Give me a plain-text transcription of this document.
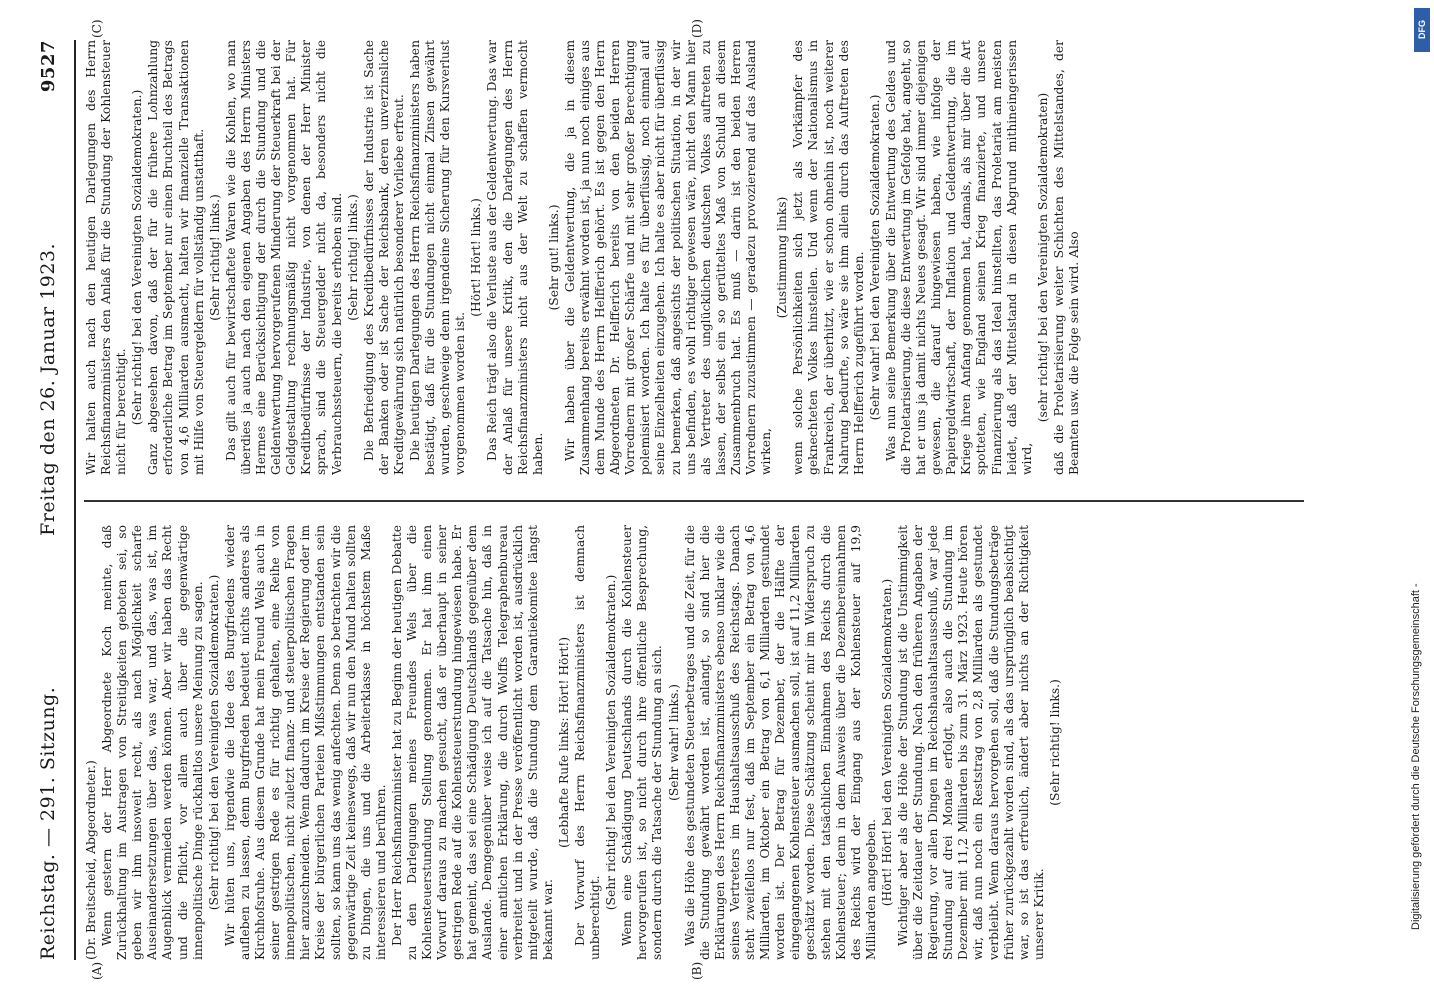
Reichstag. — 291. Sitzung.
Freitag den 26. Januar 1923.
9527

(Dr. Breitscheid, Abgeordneter.) Wenn gestern der Herr Abgeordnete Koch meinte, daß Zurückhaltung im Austragen von Streitigkeiten geboten sei, so geben wir ihm insoweit recht, als nach Möglichkeit scharfe Auseinandersetzungen über das, was war, und das, was ist, im Augenblick vermieden werden können. Aber wir haben das Recht und die Pflicht, vor allem auch über die gegenwärtige innenpolitische Dinge rückhaltlos unsere Meinung zu sagen. (Sehr richtig! bei den Vereinigten Sozialdemokraten.) Wir hüten uns, irgendwie die Idee des Burgfriedens wieder aufleben zu lassen, denn Burgfrieden bedeutet nichts anderes als Kirchhofsruhe. Aus diesem Grunde hat mein Freund Wels auch in seiner gestrigen Rede es für richtig gehalten, eine Reihe von innenpolitischen, nicht zuletzt finanz- und steuerpolitischen Fragen hier anzuschneiden. Wenn dadurch im Kreise der Regierung oder im Kreise der bürgerlichen Parteien Mißstimmungen entstanden sein sollten, so kann uns das wenig anfechten. Denn so betrachten wir die gegenwärtige Zeit keineswegs, daß wir nun den Mund halten sollten zu Dingen, die uns und die Arbeiterklasse in höchstem Maße interessieren und berühren. Der Herr Reichsfinanzminister hat zu Beginn der heutigen Debatte zu den Darlegungen meines Freundes Wels über die Kohlensteuerstundung Stellung genommen. Er hat ihm einen Vorwurf daraus zu machen gesucht, daß er überhaupt in seiner gestrigen Rede auf die Kohlensteuerstundung hingewiesen habe. Er hat gemeint, das sei eine Schädigung Deutschlands gegenüber dem Auslande. Demgegenüber weise ich auf die Tatsache hin, daß in einer amtlichen Erklärung, die durch Wolffs Telegraphenbureau verbreitet und in der Presse veröffentlicht worden ist, ausdrücklich mitgeteilt wurde, daß die Stundung dem Garantiekomitee längst bekannt war.

(Lebhafte Rufe links: Hört! Hört!) Der Vorwurf des Herrn Reichsfinanzministers ist demnach unberechtigt.

(Sehr richtig! bei den Vereinigten Sozialdemokraten.) Wenn eine Schädigung Deutschlands durch die Kohlensteuer hervorgerufen ist, so nicht durch ihre öffentliche Besprechung, sondern durch die Tatsache der Stundung an sich. (Sehr wahr! links.) Was die Höhe des gestundeten Steuerbetrages und die Zeit, für die die Stundung gewährt worden ist, anlangt, so sind hier die Erklärungen des Herrn Reichsfinanzministers ebenso unklar wie die seines Vertreters im Haushaltsausschuß des Reichstags. Danach steht zweifellos nur fest, daß im September ein Betrag von 4,6 Milliarden, im Oktober ein Betrag von 6,1 Milliarden gestundet worden ist. Der Betrag für Dezember, der die Hälfte der eingegangenen Kohlensteuer ausmachen soll, ist auf 11,2 Milliarden geschätzt worden. Diese Schätzung scheint mir im Widerspruch zu stehen mit den tatsächlichen Einnahmen des Reichs durch die Kohlensteuer; denn in dem Ausweis über die Dezembereinnahmen des Reichs wird der Eingang aus der Kohlensteuer auf 19,9 Milliarden angegeben. (Hört! Hört! bei den Vereinigten Sozialdemokraten.) Wichtiger aber als die Höhe der Stundung ist die Unstimmigkeit über die Zeitdauer der Stundung. Nach den früheren Angaben der Regierung, vor allen Dingen im Reichshaushaltsausschuß, war jede Stundung auf drei Monate erfolgt, also auch die Stundung im Dezember mit 11,2 Milliarden bis zum 31. März 1923. Heute hören wir, daß nun noch ein Reststrag von 2,8 Milliarden als gestundet verbleibt. Wenn daraus hervorgehen soll, daß die Stundungsbeträge früher zurückgezahlt worden sind, als das ursprünglich beabsichtigt war, so ist das erfreulich, ändert aber nichts an der Richtigkeit unserer Kritik.

(Sehr richtig! links.)

Wir halten auch nach den heutigen Darlegungen des Herrn Reichsfinanzministers den Anlaß für die Stundung der Kohlensteuer nicht für berechtigt. (Sehr richtig! bei den Vereinigten Sozialdemokraten.) Ganz abgesehen davon, daß der für die frühere Lohnzahlung erforderliche Betrag im September nur einen Bruchteil des Betrags von 4,6 Milliarden ausmacht, halten wir finanzielle Transaktionen mit Hilfe von Steuergeldern für vollständig unstatthaft. (Sehr richtig! links.) Das gilt auch für bewirtschaftete Waren wie die Kohlen, wo man überdies ja auch nach den eigenen Angaben des Herrn Ministers Hermes eine Berücksichtigung der durch die Stundung und die Geldentwertung hervorgerufenen Minderung der Steuerkraft bei der Geldgestaltung rechnungsmäßig nicht vorgenommen hat. Für Kreditbedürfnisse der Industrie, von denen der Herr Minister sprach, sind die Steuergelder nicht da, besonders nicht die Verbrauchssteuern, die bereits erhoben sind. (Sehr richtig! links.) Die Befriedigung des Kreditbedürfnisses der Industrie ist Sache der Banken oder ist Sache der Reichsbank, deren unverzinsliche Kreditgewährung sich natürlich besonderer Vorliebe erfreut. Die heutigen Darlegungen des Herrn Reichsfinanzministers haben bestätigt, daß für die Stundungen nicht einmal Zinsen gewährt wurden, geschweige denn irgendeine Sicherung für den Kursverlust vorgenommen worden ist.

(Hört! Hört! links.) Das Reich trägt also die Verluste aus der Geldentwertung. Das war der Anlaß für unsere Kritik, den die Darlegungen des Herrn Reichsfinanzministers nicht aus der Welt zu schaffen vermocht haben.

(Sehr gut! links.) Wir haben über die Geldentwertung, die ja in diesem Zusammenhang bereits erwähnt worden ist, ja nun noch einiges aus dem Munde des Herrn Helfferich gehört. Es ist gegen den Herrn Abgeordneten Dr. Helfferich bereits von den beiden Herren Vorrednern mit großer Schärfe und mit sehr großer Berechtigung polemisiert worden. Ich halte es für überflüssig, noch einmal auf seine Einzelheiten einzugehen. Ich halte es aber nicht für überflüssig zu bemerken, daß angesichts der politischen Situation, in der wir uns befinden, es wohl richtiger gewesen wäre, nicht den Mann hier als Vertreter des unglücklichen deutschen Volkes auftreten zu lassen, der selbst ein so gerütteltes Maß von Schuld an diesem Zusammenbruch hat. Es muß — darin ist den beiden Herren Vorrednern zuzustimmen — geradezu provozierend auf das Ausland wirken,

(Zustimmung links) wenn solche Persönlichkeiten sich jetzt als Vorkämpfer des geknechteten Volkes hinstellen. Und wenn der Nationalismus in Frankreich, der überhitzt, wie er schon ohnehin ist, noch weiterer Nahrung bedurfte, so wäre sie ihm allein durch das Auftreten des Herrn Helfferich zugeführt worden. (Sehr wahr! bei den Vereinigten Sozialdemokraten.) Was nun seine Bemerkung über die Entwertung des Geldes und die Proletarisierung, die diese Entwertung im Gefolge hat, angeht, so hat er uns ja damit nichts Neues gesagt. Wir sind immer diejenigen gewesen, die darauf hingewiesen haben, wie infolge der Papiergeldwirtschaft, der Inflation und Geldentwertung, die im Kriege ihren Anfang genommen hat, damals, als mir über die Art spotteten, wie England seinen Krieg finanzierte, und unsere Finanzierung als das Ideal hinstellten, das Proletariat am meisten leidet, daß der Mittelstand in diesen Abgrund mithineingerissen wird,

(sehr richtig! bei den Vereinigten Sozialdemokraten) daß die Proletarisierung weiter Schichten des Mittelstandes, der Beamten usw. die Folge sein wird. Also

(A)	(B)
(C)	(D)	DFG
Digitalisierung gefördert durch die Deutsche Forschungsgemeinschaft -
